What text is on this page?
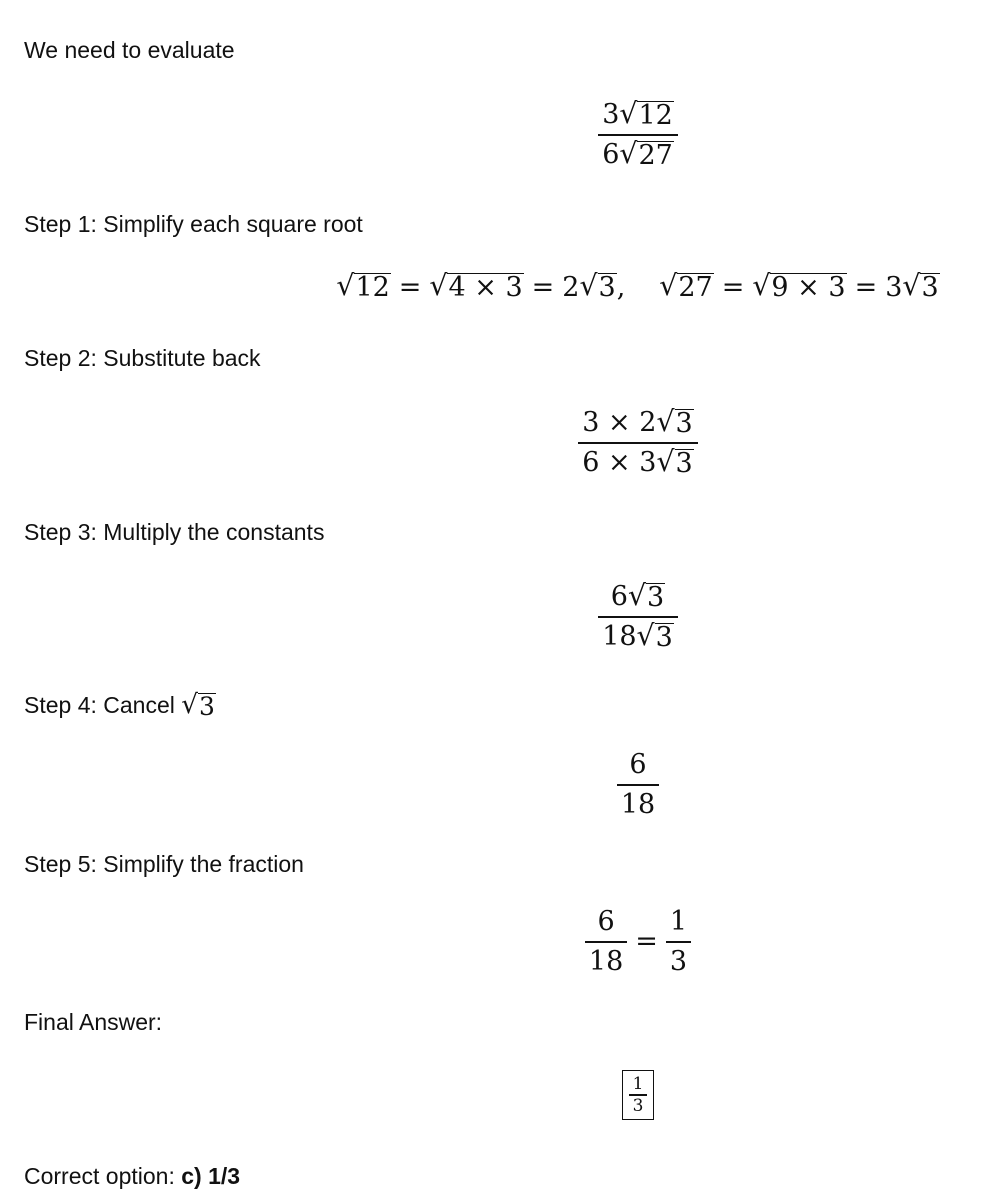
We need to evaluate
$\frac{3 √ 12}{6 √ 27}$
Step 1: Simplify each square root
√ 12 = √ 4 × 3 = 2 √ 3 , √ 27 = √ 9 × 3 = 3 √ 3
Step 2: Substitute back
$\frac{3 \times 2 √ 3}{6 \times 3 √ 3}$
Step 3: Multiply the constants
$\frac{6 √ 3}{18 √ 3}$
Step 4: Cancel √ 3
$\frac{6}{18}$
Step 5: Simplify the fraction
$\frac{6}{18} = \frac{1}{3}$
Final Answer:
$\frac{1}{3}$
Correct option: c) 1/3
